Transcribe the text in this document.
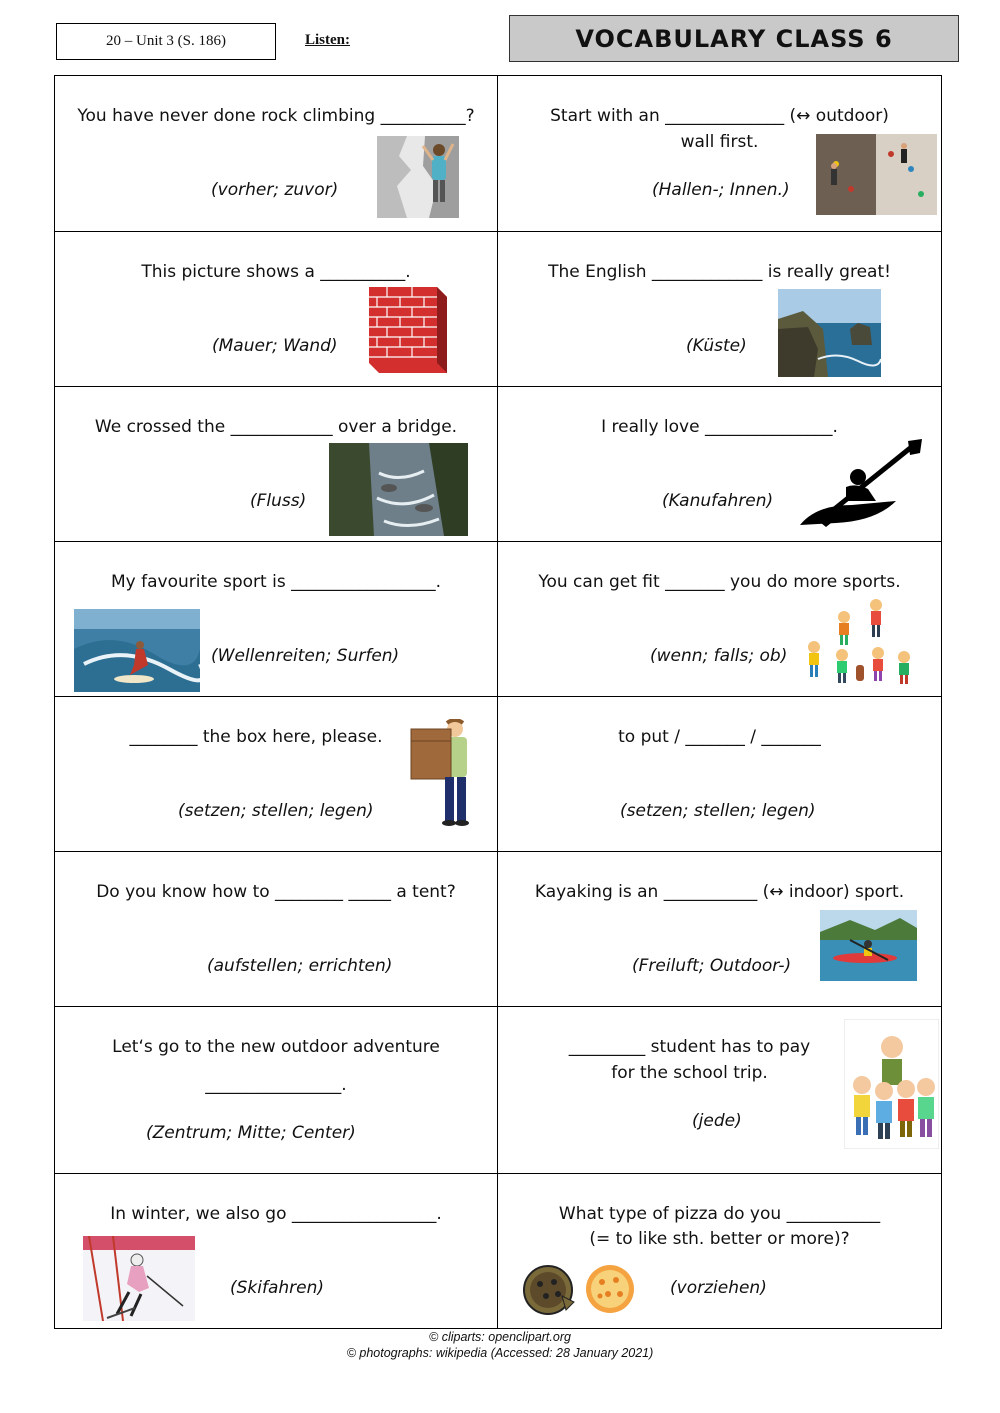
20 – Unit 3 (S. 186)	Listen:	VOCABULARY CLASS 6
You have never done rock climbing __________?
(vorher; zuvor)
Start with an ______________ (↔ outdoor)
wall first.
(Hallen-; Innen.)
This picture shows a __________.
(Mauer; Wand)
The English _____________ is really great!
(Küste)
We crossed the ____________ over a bridge.
(Fluss)
I really love _______________.
(Kanufahren)
My favourite sport is _________________.
(Wellenreiten; Surfen)
You can get fit _______ you do more sports.
(wenn; falls; ob)
________ the box here, please.
(setzen; stellen; legen)
to put / _______ / _______
(setzen; stellen; legen)
Do you know how to ________ _____ a tent?
(aufstellen; errichten)
Kayaking is an ___________ (↔ indoor) sport.
(Freiluft; Outdoor-)
Let‘s go to the new outdoor adventure
________________.
(Zentrum; Mitte; Center)
_________ student has to pay
for the school trip.
(jede)
In winter, we also go _________________.
(Skifahren)
What type of pizza do you ___________
(= to like sth. better or more)?
(vorziehen)
© cliparts: openclipart.org
© photographs: wikipedia (Accessed: 28 January 2021)
